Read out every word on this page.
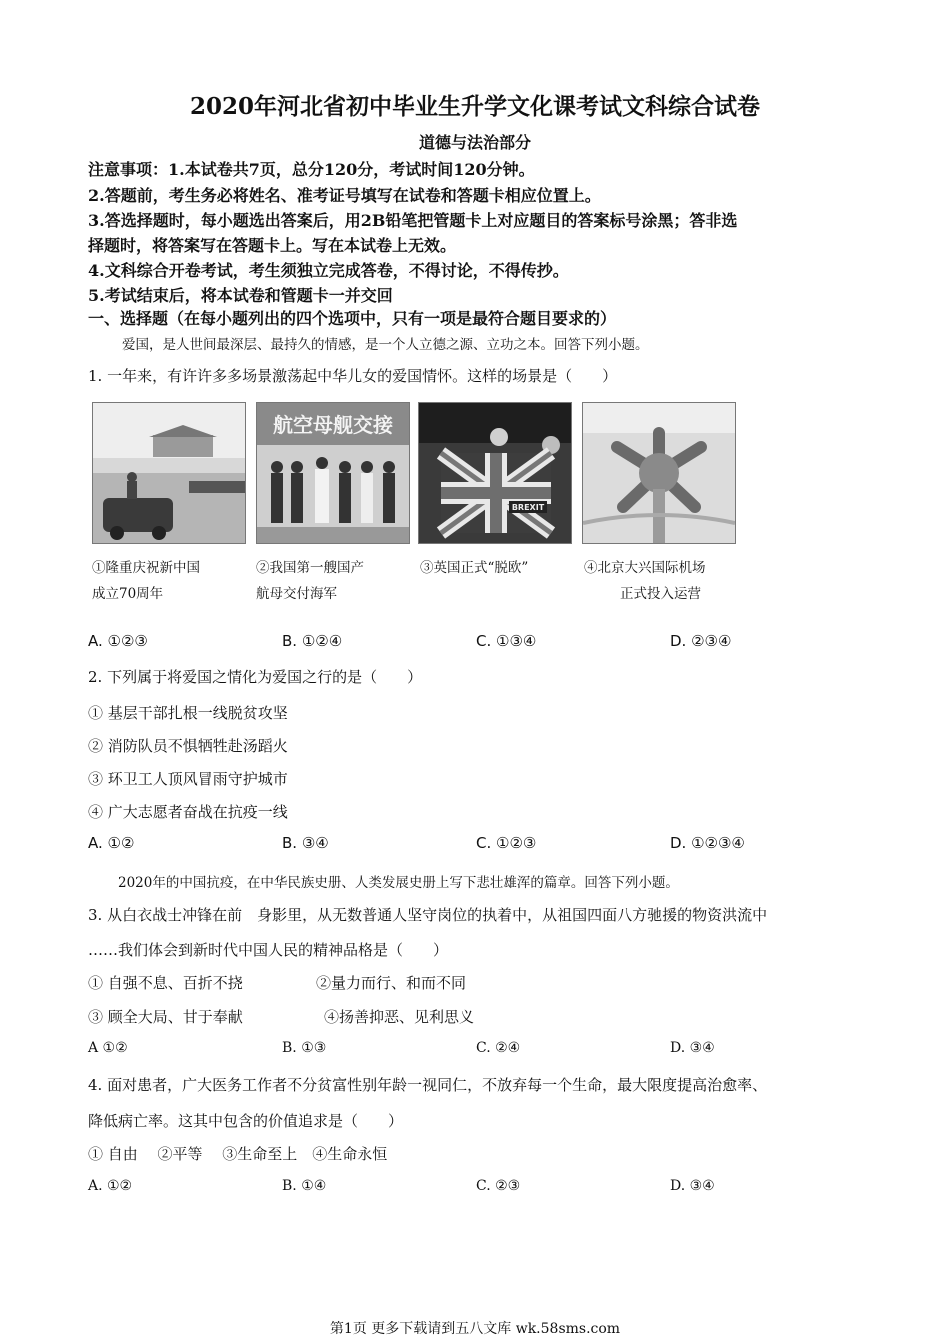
2020年河北省初中毕业生升学文化课考试文科综合试卷
道德与法治部分
注意事项：1.本试卷共7页，总分120分，考试时间120分钟。
2.答题前，考生务必将姓名、准考证号填写在试卷和答题卡相应位置上。
3.答选择题时，每小题选出答案后，用2B铅笔把管题卡上对应题目的答案标号涂黑；答非选
择题时，将答案写在答题卡上。写在本试卷上无效。
4.文科综合开卷考试，考生须独立完成答卷，不得讨论，不得传抄。
5.考试结束后，将本试卷和管题卡一并交回
一、选择题（在每小题列出的四个选项中，只有一项是最符合题目要求的）
爱国，是人世间最深层、最持久的情感，是一个人立德之源、立功之本。回答下列小题。
1. 一年来，有许许多多场景激荡起中华儿女的爱国情怀。这样的场景是（　　）
航空母舰交接
BREXIT
①隆重庆祝新中国
成立70周年
②我国第一艘国产
航母交付海军
③英国正式“脱欧”	④北京大兴国际机场
正式投入运营
A. ①②③	B. ①②④	C. ①③④	D. ②③④
2. 下列属于将爱国之情化为爱国之行的是（　　）
① 基层干部扎根一线脱贫攻坚
② 消防队员不惧牺牲赴汤蹈火
③ 环卫工人顶风冒雨守护城市
④ 广大志愿者奋战在抗疫一线
A. ①②	B. ③④	C. ①②③	D. ①②③④
2020年的中国抗疫，在中华民族史册、人类发展史册上写下悲壮雄浑的篇章。回答下列小题。
3. 从白衣战士冲锋在前　身影里，从无数普通人坚守岗位的执着中，从祖国四面八方驰援的物资洪流中
……我们体会到新时代中国人民的精神品格是（　　）
① 自强不息、百折不挠	②量力而行、和而不同
③ 顾全大局、甘于奉献	④扬善抑恶、见利思义
A ①②	B. ①③	C. ②④	D. ③④
4. 面对患者，广大医务工作者不分贫富性别年龄一视同仁，不放弃每一个生命，最大限度提高治愈率、
降低病亡率。这其中包含的价值追求是（　　）
① 自由　 ②平等　 ③生命至上　④生命永恒
A. ①②	B. ①④	C. ②③	D. ③④
第1页 更多下载请到五八文库 wk.58sms.com
